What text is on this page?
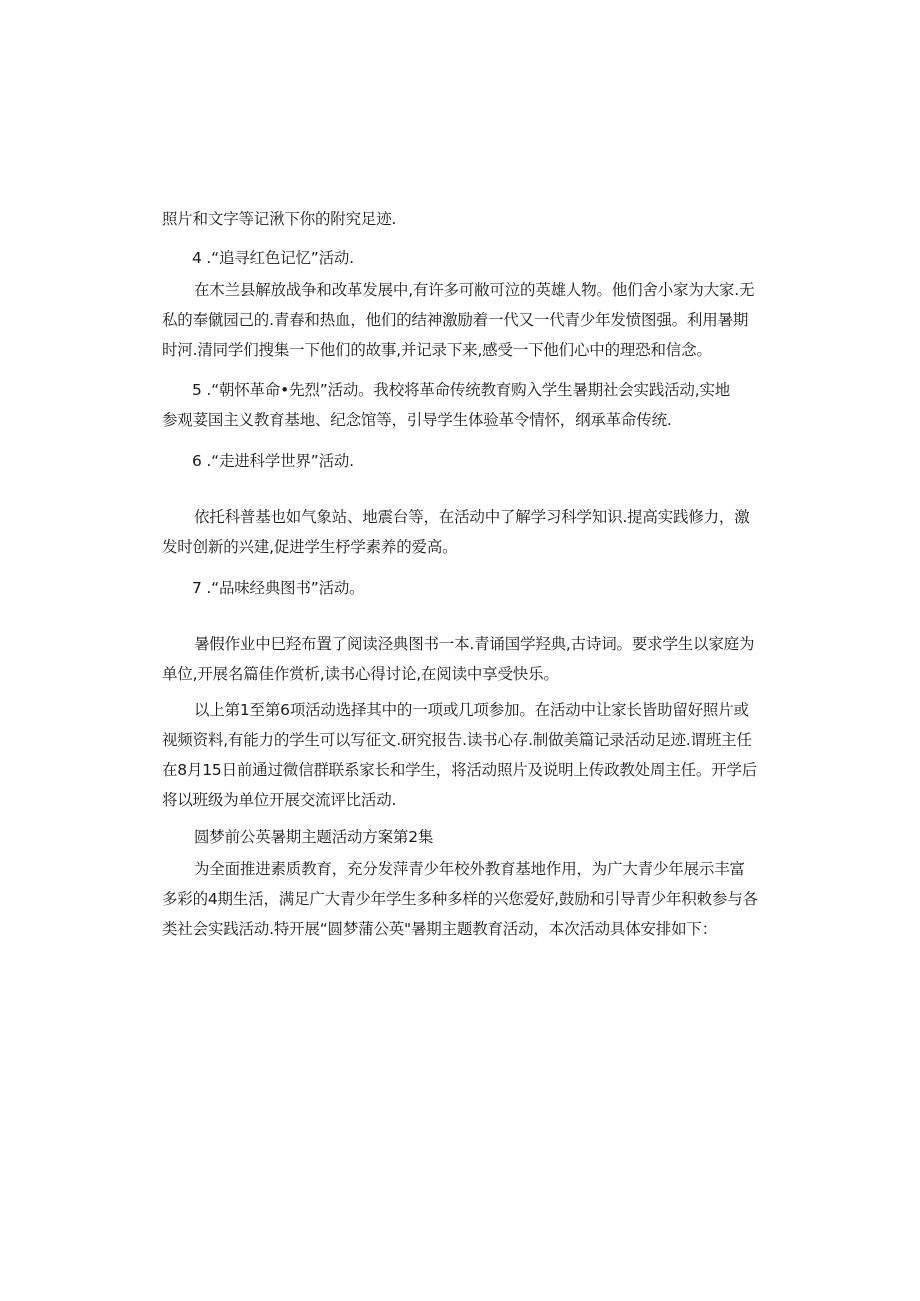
照片和文字等记湫下你的附究足迹.

4 .“追寻红色记忆”活动.

在木兰县解放战争和改革发展中,有许多可敝可泣的英雄人物。他们舍小家为大家.无
私的奉僦园己的.青春和热血，他们的结神激励着一代又一代青少年发愤图强。利用暑期
时河.清同学们搜集一下他们的故事,并记录下来,感受一下他们心中的理恐和信念。

5 .“朝怀革命•先烈”活动。我校将革命传统教育购入学生暑期社会实践活动,实地
参观荽国主义教育基地、纪念馆等，引导学生体验革令情怀，纲承革命传统.

6 .“走进科学世界”活动.

依托科普基也如气象站、地震台等，在活动中了解学习科学知识.提高实践修力，激
发时创新的兴建,促进学生杼学素养的爱高。

7 .“品味经典图书”活动。

暑假作业中巳羟布置了阅读泾典图书一本.青诵国学羟典,古诗词。要求学生以家庭为
单位,开展名篇佳作赏析,读书心得讨论,在阅读中享受快乐。

以上第1至第6项活动选择其中的一项或几项参加。在活动中让家长皆助留好照片或
视频资料,有能力的学生可以写征文.研究报告.读书心存.制做美篇记录活动足迹.谓班主任
在8月15日前通过微信群联系家长和学生，将活动照片及说明上传政教处周主任。开学后
将以班级为单位开展交流评比活动.

圆梦前公英暑期主题活动方案第2集

为全面推进素质教育，充分发萍青少年校外教育基地作用，为广大青少年展示丰富
多彩的4期生活，满足广大青少年学生多种多样的兴您爱好,鼓励和引导青少年积敕参与各
类社会实践活动.特开展“圆梦蒲公英"暑期主题教育活动，本次活动具体安排如下：
